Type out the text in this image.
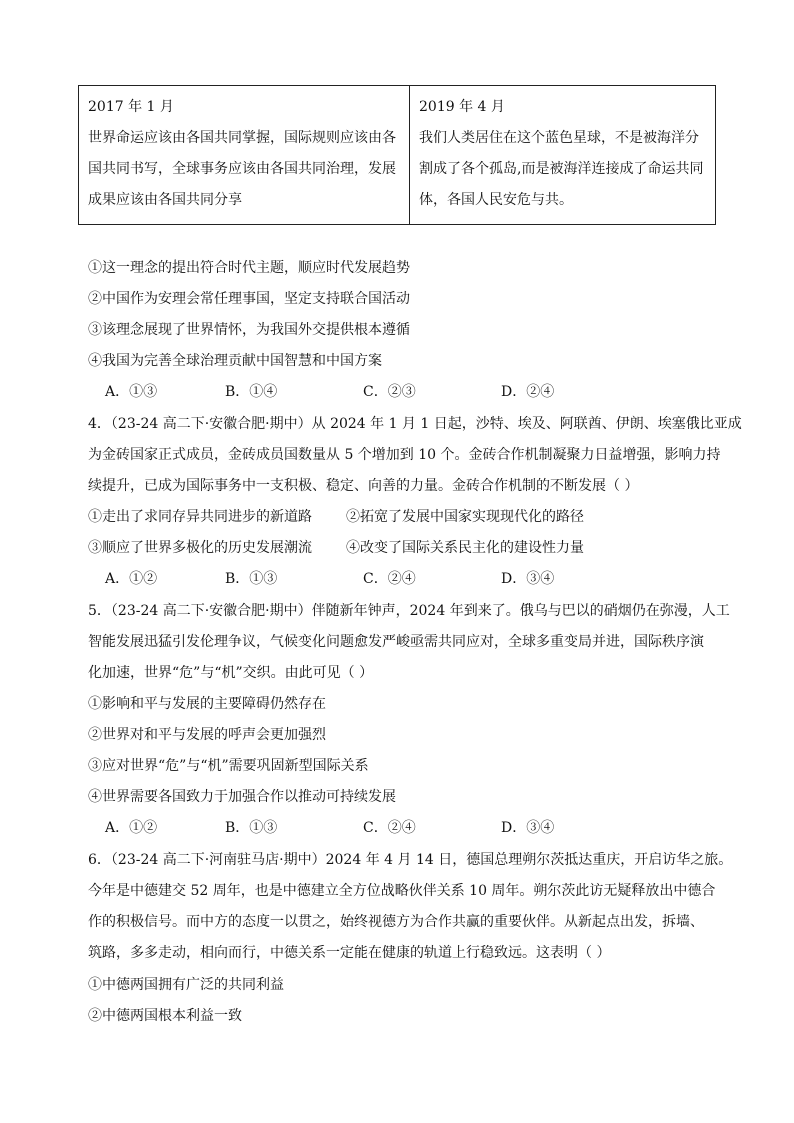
2017 年 1 月
世界命运应该由各国共同掌握，国际规则应该由各国共同书写，全球事务应该由各国共同治理，发展成果应该由各国共同分享

2019 年 4 月
我们人类居住在这个蓝色星球，不是被海洋分割成了各个孤岛,而是被海洋连接成了命运共同体，各国人民安危与共。
①这一理念的提出符合时代主题，顺应时代发展趋势
②中国作为安理会常任理事国，坚定支持联合国活动
③该理念展现了世界情怀，为我国外交提供根本遵循
④我国为完善全球治理贡献中国智慧和中国方案
A．①③	B．①④	C．②③	D．②④
4．（23-24 高二下·安徽合肥·期中）从 2024 年 1 月 1 日起，沙特、埃及、阿联酋、伊朗、埃塞俄比亚成
为金砖国家正式成员，金砖成员国数量从 5 个增加到 10 个。金砖合作机制凝聚力日益增强，影响力持
续提升，已成为国际事务中一支积极、稳定、向善的力量。金砖合作机制的不断发展（ ）
①走出了求同存异共同进步的新道路 ②拓宽了发展中国家实现现代化的路径
③顺应了世界多极化的历史发展潮流 ④改变了国际关系民主化的建设性力量
A．①②	B．①③	C．②④	D．③④
5．（23-24 高二下·安徽合肥·期中）伴随新年钟声，2024 年到来了。俄乌与巴以的硝烟仍在弥漫，人工
智能发展迅猛引发伦理争议，气候变化问题愈发严峻亟需共同应对，全球多重变局并进，国际秩序演
化加速，世界“危”与“机”交织。由此可见（ ）
①影响和平与发展的主要障碍仍然存在
②世界对和平与发展的呼声会更加强烈
③应对世界“危”与“机”需要巩固新型国际关系
④世界需要各国致力于加强合作以推动可持续发展
A．①②	B．①③	C．②④	D．③④
6．（23-24 高二下·河南驻马店·期中）2024 年 4 月 14 日，德国总理朔尔茨抵达重庆，开启访华之旅。
今年是中德建交 52 周年，也是中德建立全方位战略伙伴关系 10 周年。朔尔茨此访无疑释放出中德合
作的积极信号。而中方的态度一以贯之，始终视德方为合作共赢的重要伙伴。从新起点出发，拆墙、
筑路，多多走动，相向而行，中德关系一定能在健康的轨道上行稳致远。这表明（ ）
①中德两国拥有广泛的共同利益
②中德两国根本利益一致
